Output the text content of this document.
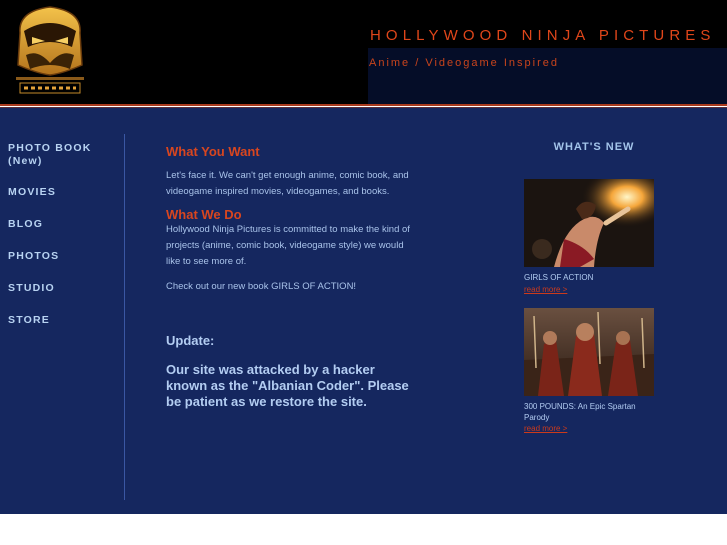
HOLLYWOOD NINJA PICTURES
Anime / Videogame Inspired
PHOTO BOOK
(New)
MOVIES
BLOG
PHOTOS
STUDIO
STORE
What You Want

Let's face it. We can't get enough anime, comic book, and videogame inspired movies, videogames, and books.

What We Do

Hollywood Ninja Pictures is committed to make the kind of projects (anime, comic book, videogame style) we would like to see more of.

Check out our new book GIRLS OF ACTION!

Update:

Our site was attacked by a hacker known as the "Albanian Coder". Please be patient as we restore the site.

WHAT'S NEW
GIRLS OF ACTION
read more >
300 POUNDS: An Epic Spartan Parody
read more >
